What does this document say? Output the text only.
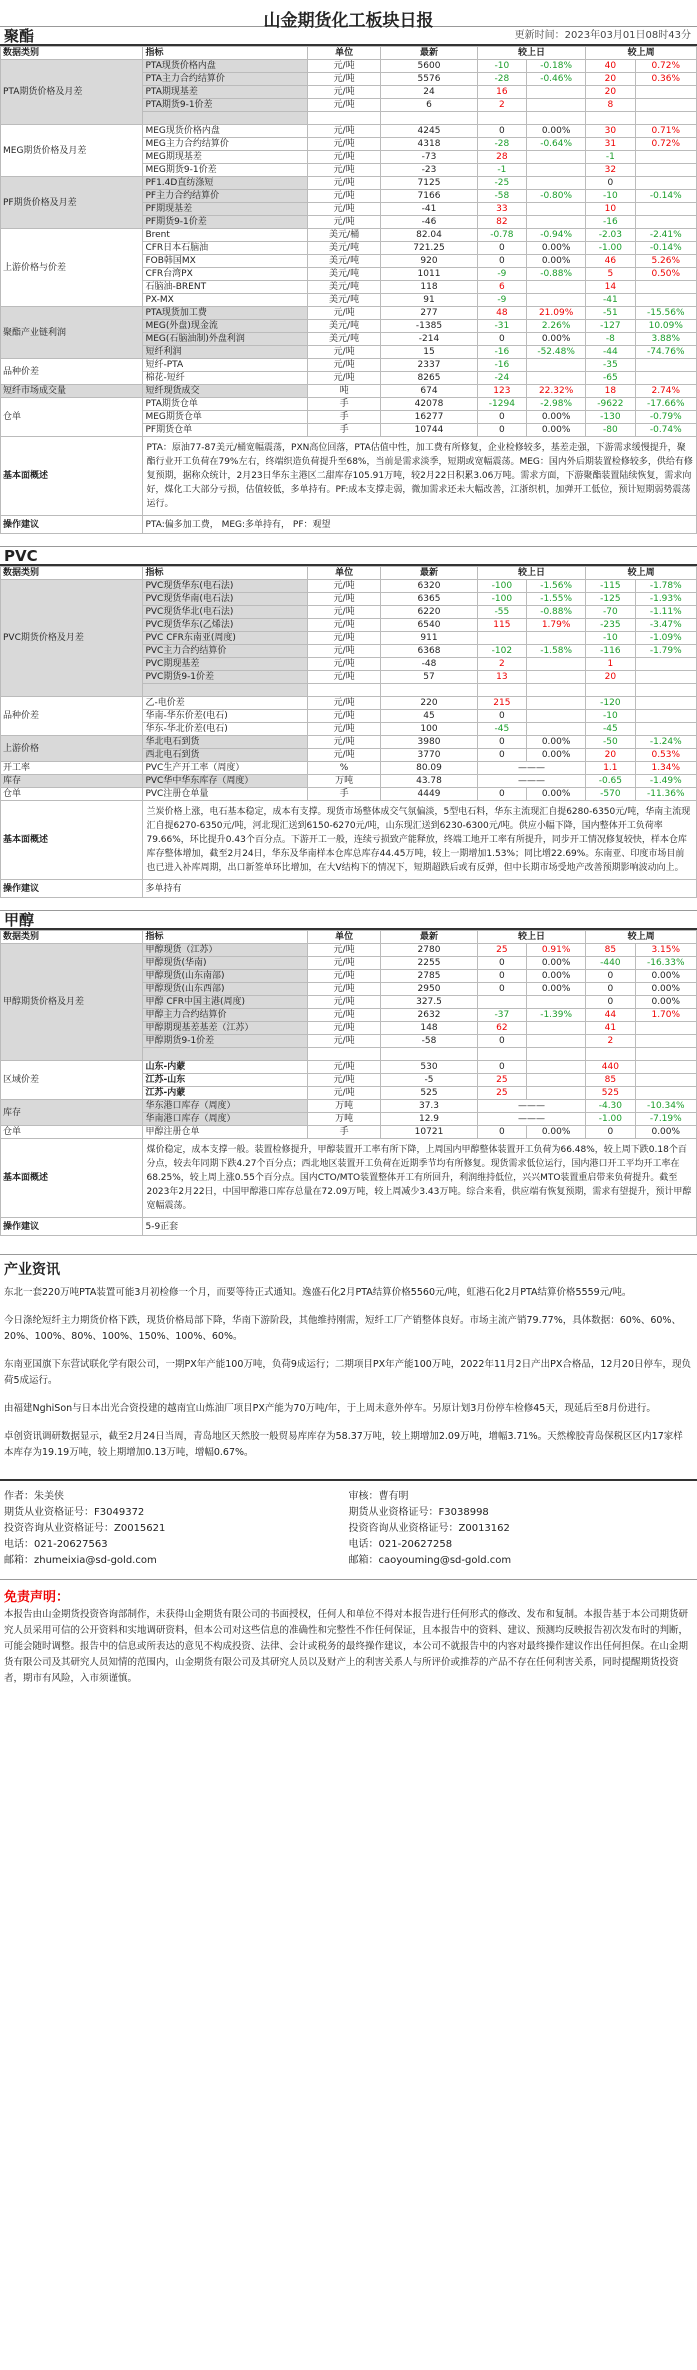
山金期货化工板块日报
更新时间：2023年03月01日08时43分
聚酯
数据类别	指标	单位	最新	较上日		较上周	
PTA期货价格及月差	PTA现货价格内盘	元/吨	5600	-10	-0.18%	40	0.72%
	PTA主力合约结算价	元/吨	5576	-28	-0.46%	20	0.36%
	PTA期现基差	元/吨	24	16		20	
	PTA期货9-1价差	元/吨	6	2		8	

MEG期货价格及月差	MEG现货价格内盘	元/吨	4245	0	0.00%	30	0.71%
	MEG主力合约结算价	元/吨	4318	-28	-0.64%	31	0.72%
	MEG期现基差	元/吨	-73	28		-1	
	MEG期货9-1价差	元/吨	-23	-1		32	
PF期货价格及月差	PF1.4D直纺涤短	元/吨	7125	-25		0	
	PF主力合约结算价	元/吨	7166	-58	-0.80%	-10	-0.14%
	PF期现基差	元/吨	-41	33		10	
	PF期货9-1价差	元/吨	-46	82		-16	
上游价格与价差	Brent	美元/桶	82.04	-0.78	-0.94%	-2.03	-2.41%
	CFR日本石脑油	美元/吨	721.25	0	0.00%	-1.00	-0.14%
	FOB韩国MX	美元/吨	920	0	0.00%	46	5.26%
	CFR台湾PX	美元/吨	1011	-9	-0.88%	5	0.50%
	石脑油-BRENT	美元/吨	118	6		14	
	PX-MX	美元/吨	91	-9		-41	
聚酯产业链利润	PTA现货加工费	元/吨	277	48	21.09%	-51	-15.56%
	MEG(外盘)现金流	美元/吨	-1385	-31	2.26%	-127	10.09%
	MEG(石脑油制)外盘利润	美元/吨	-214	0	0.00%	-8	3.88%
	短纤利润	元/吨	15	-16	-52.48%	-44	-74.76%
品种价差	短纤-PTA	元/吨	2337	-16		-35	
	棉花-短纤	元/吨	8265	-24		-65	
短纤市场成交量	短纤现货成交	吨	674	123	22.32%	18	2.74%
仓单	PTA期货仓单	手	42078	-1294	-2.98%	-9622	-17.66%
	MEG期货仓单	手	16277	0	0.00%	-130	-0.79%
	PF期货仓单	手	10744	0	0.00%	-80	-0.74%
基本面概述	PTA：原油77-87美元/桶宽幅震荡，PXN高位回落，PTA估值中性，加工费有所修复，企业检修较多，基差走强，下游需求缓慢提升，聚酯行业开工负荷在79%左右，终端织造负荷提升至68%，当前是需求淡季，短期或宽幅震荡。MEG：国内外后期装置检修较多，供给有修复预期，据称众统计，2月23日华东主港区二甜库存105.91万吨，较2月22日积累3.06万吨。需求方面，下游聚酯装置陆续恢复，需求向好，煤化工大部分亏损，估值较低，多单持有。PF:成本支撑走弱，微加需求还未大幅改善，江浙织机，加弹开工低位，预计短期弱势震荡运行。						
操作建议	PTA:偏多加工费， MEG:多单持有， PF：观望						
PVC
数据类别	指标	单位	最新	较上日		较上周	
PVC期货价格及月差	PVC现货华东(电石法)	元/吨	6320	-100	-1.56%	-115	-1.78%
	PVC现货华南(电石法)	元/吨	6365	-100	-1.55%	-125	-1.93%
	PVC现货华北(电石法)	元/吨	6220	-55	-0.88%	-70	-1.11%
	PVC现货华东(乙烯法)	元/吨	6540	115	1.79%	-235	-3.47%
	PVC CFR东南亚(周度)	元/吨	911			-10	-1.09%
	PVC主力合约结算价	元/吨	6368	-102	-1.58%	-116	-1.79%
	PVC期现基差	元/吨	-48	2		1	
	PVC期货9-1价差	元/吨	57	13		20	

品种价差	乙-电价差	元/吨	220	215		-120	
	华南-华东价差(电石)	元/吨	45	0		-10	
	华东-华北价差(电石)	元/吨	100	-45		-45	
上游价格	华北电石到货	元/吨	3980	0	0.00%	-50	-1.24%
	西北电石到货	元/吨	3770	0	0.00%	20	0.53%
开工率	PVC生产开工率（周度）	%	80.09	———		1.1	1.34%
库存	PVC华中华东库存（周度）	万吨	43.78	———		-0.65	-1.49%
仓单	PVC注册仓单量	手	4449	0	0.00%	-570	-11.36%
基本面概述	兰炭价格上涨，电石基本稳定，成本有支撑。现货市场整体成交气氛偏淡，5型电石料，华东主流现汇自提6280-6350元/吨，华南主流现汇自提6270-6350元/吨，河北现汇送到6150-6270元/吨，山东现汇送到6230-6300元/吨。供应小幅下降，国内整体开工负荷率79.66%，环比提升0.43个百分点。下游开工一般，连续亏损致产能释放，终端工地开工率有所提升，同步开工情况修复较快，样本仓库库存整体增加，截至2月24日，华东及华南样本仓库总库存44.45万吨，较上一期增加1.53%；同比增22.69%。东南亚、印度市场目前也已进入补库周期，出口新签单环比增加，在大V结构下的情况下，短期超跌后或有反弹，但中长期市场受地产改善预期影响波动向上。						
操作建议	多单持有						
甲醇
数据类别	指标	单位	最新	较上日		较上周	
甲醇期货价格及月差	甲醇现货（江苏）	元/吨	2780	25	0.91%	85	3.15%
	甲醇现货(华南)	元/吨	2255	0	0.00%	-440	-16.33%
	甲醇现货(山东南部)	元/吨	2785	0	0.00%	0	0.00%
	甲醇现货(山东西部)	元/吨	2950	0	0.00%	0	0.00%
	甲醇 CFR中国主港(周度)	元/吨	327.5			0	0.00%
	甲醇主力合约结算价	元/吨	2632	-37	-1.39%	44	1.70%
	甲醇期现基差基差（江苏）	元/吨	148	62		41	
	甲醇期货9-1价差	元/吨	-58	0		2	

区域价差	山东-内蒙	元/吨	530	0		440	
	江苏-山东	元/吨	-5	25		85	
	江苏-内蒙	元/吨	525	25		525	
库存	华东港口库存（周度）	万吨	37.3	———		-4.30	-10.34%
	华南港口库存（周度）	万吨	12.9	———		-1.00	-7.19%
仓单	甲醇注册仓单	手	10721	0	0.00%	0	0.00%
基本面概述	煤价稳定，成本支撑一般。装置检修提升，甲醇装置开工率有所下降，上周国内甲醇整体装置开工负荷为66.48%，较上周下跌0.18个百分点，较去年同期下跌4.27个百分点；西北地区装置开工负荷在近期季节均有所修复。现货需求低位运行，国内港口开工平均开工率在68.25%，较上周上涨0.55个百分点。国内CTO/MTO装置整体开工有所回升，利润维持低位，兴兴MTO装置重启带来负荷提升。截至2023年2月22日，中国甲醇港口库存总量在72.09万吨，较上周减少3.43万吨。综合来看，供应端有恢复预期，需求有望提升，预计甲醇宽幅震荡。						
操作建议	5-9正套						
产业资讯

东北一套220万吨PTA装置可能3月初检修一个月，而要等待正式通知。逸盛石化2月PTA结算价格5560元/吨，虹港石化2月PTA结算价格5559元/吨。

今日涤纶短纤主力期货价格下跌，现货价格局部下降，华南下游阶段，其他维持刚需，短纤工厂产销整体良好。市场主流产销79.77%，具体数据：60%、60%、20%、100%、80%、100%、150%、100%、60%。

东南亚国旗下东营试联化学有限公司，一期PX年产能100万吨，负荷9成运行；二期项目PX年产能100万吨，2022年11月2日产出PX合格品，12月20日停车，现负荷5成运行。

由福建NghiSon与日本出光合资投建的越南宜山炼油厂项目PX产能为70万吨/年，于上周未意外停车。另原计划3月份停车检修45天，现延后至8月份进行。

卓创资讯调研数据显示，截至2月24日当周，青岛地区天然胶一般贸易库库存为58.37万吨，较上期增加2.09万吨，增幅3.71%。天然橡胶青岛保税区区内17家样本库存为19.19万吨，较上期增加0.13万吨，增幅0.67%。

作者：朱美侠
期货从业资格证号：F3049372
投资咨询从业资格证号：Z0015621
电话：021-20627563
邮箱：zhumeixia@sd-gold.com
审核：曹有明
期货从业资格证号：F3038998
投资咨询从业资格证号：Z0013162
电话：021-20627258
邮箱：caoyouming@sd-gold.com
免责声明：
本报告由山金期货投资咨询部制作，未获得山金期货有限公司的书面授权，任何人和单位不得对本报告进行任何形式的修改、发布和复制。本报告基于本公司期货研究人员采用可信的公开资料和实地调研资料，但本公司对这些信息的准确性和完整性不作任何保证，且本报告中的资料、建议、预测均反映报告初次发布时的判断，可能会随时调整。报告中的信息或所表达的意见不构成投资、法律、会计或税务的最终操作建议，本公司不就报告中的内容对最终操作建议作出任何担保。在山金期货有限公司及其研究人员知情的范围内，山金期货有限公司及其研究人员以及财产上的利害关系人与所评价或推荐的产品不存在任何利害关系，同时提醒期货投资者，期市有风险，入市须谨慎。
